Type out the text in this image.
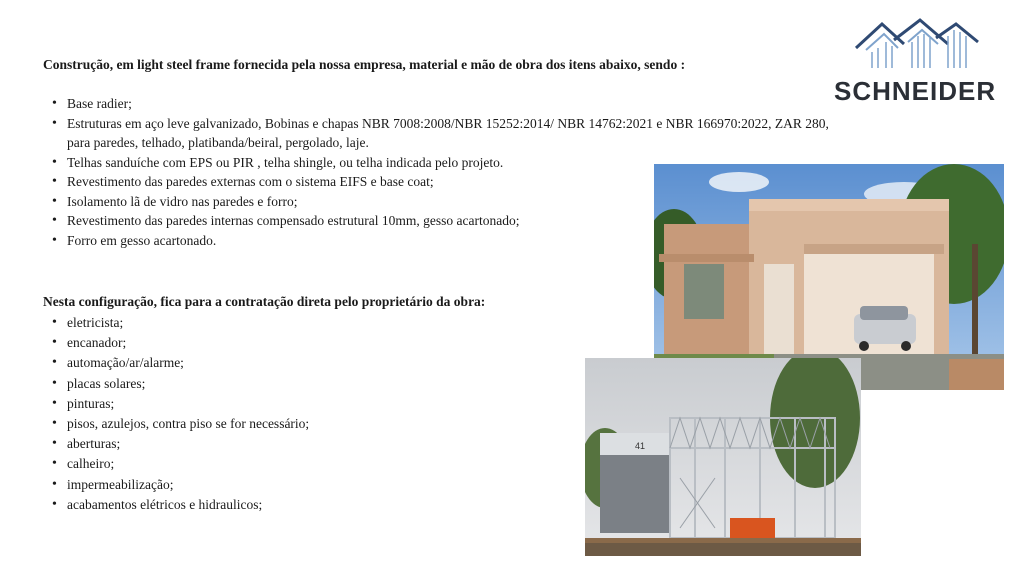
Construção, em light steel frame fornecida pela nossa empresa, material e mão de obra dos itens abaixo, sendo :
• Base radier;
• Estruturas em aço leve galvanizado, Bobinas e chapas NBR 7008:2008/NBR 15252:2014/ NBR 14762:2021 e NBR 166970:2022, ZAR 280,
para paredes, telhado, platibanda/beiral, pergolado, laje.
• Telhas sanduíche com EPS ou PIR , telha shingle, ou telha indicada pelo projeto.
• Revestimento das paredes externas com o sistema EIFS e base coat;
• Isolamento lã de vidro nas paredes e forro;
• Revestimento das paredes internas compensado estrutural 10mm, gesso acartonado;
• Forro em gesso acartonado.
Nesta configuração, fica para a contratação direta pelo proprietário da obra:
• eletricista;
• encanador;
• automação/ar/alarme;
• placas solares;
• pinturas;
• pisos, azulejos, contra piso se for necessário;
• aberturas;
• calheiro;
• impermeabilização;
• acabamentos elétricos e hidraulicos;
SCHNEIDER
41
